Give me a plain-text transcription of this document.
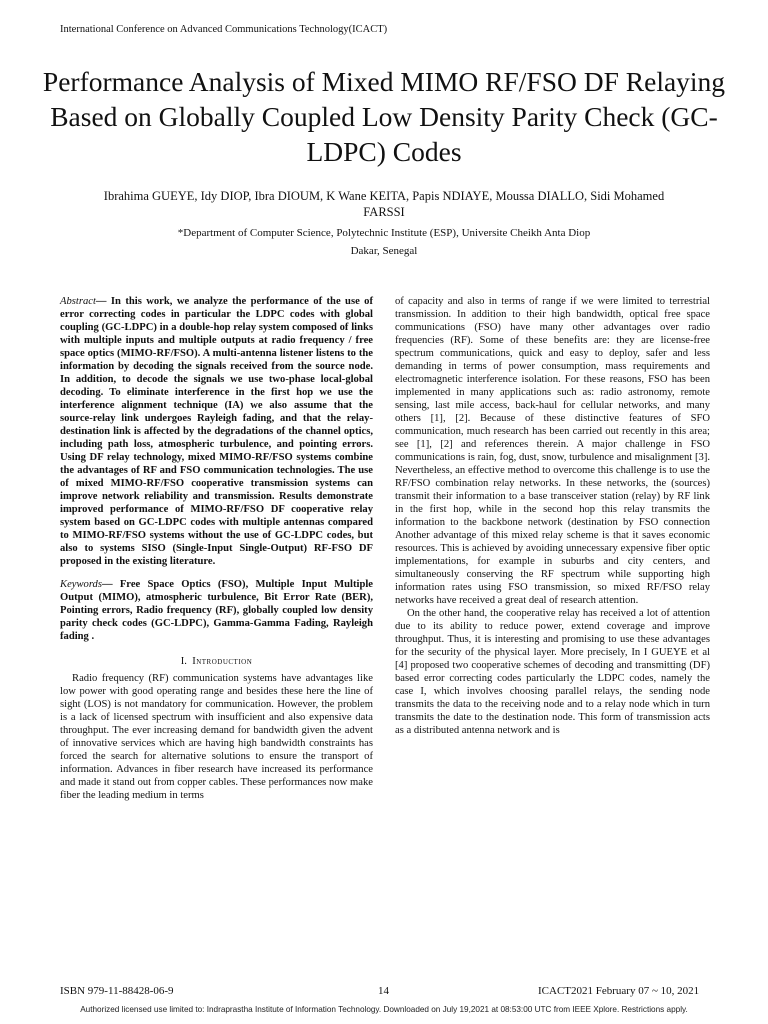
International Conference on Advanced Communications Technology(ICACT)
Performance Analysis of Mixed MIMO RF/FSO DF Relaying Based on Globally Coupled Low Density Parity Check (GC-LDPC) Codes
Ibrahima GUEYE, Idy DIOP, Ibra DIOUM, K Wane KEITA, Papis NDIAYE, Moussa DIALLO, Sidi Mohamed FARSSI
*Department of Computer Science, Polytechnic Institute (ESP), Universite Cheikh Anta Diop
Dakar, Senegal

Abstract— In this work, we analyze the performance of the use of error correcting codes in particular the LDPC codes with global coupling (GC-LDPC) in a double-hop relay system composed of links with multiple inputs and multiple outputs at radio frequency / free space optics (MIMO-RF/FSO). A multi-antenna listener listens to the information by decoding the signals received from the source node. In addition, to decode the signals we use two-phase local-global decoding. To eliminate interference in the first hop we use the interference alignment technique (IA) we also assume that the source-relay link undergoes Rayleigh fading, and that the relay-destination link is affected by the degradations of the channel optics, including path loss, atmospheric turbulence, and pointing errors. Using DF relay technology, mixed MIMO-RF/FSO systems combine the advantages of RF and FSO communication technologies. The use of mixed MIMO-RF/FSO cooperative transmission systems can improve network reliability and transmission. Results demonstrate improved performance of MIMO-RF/FSO DF cooperative relay system based on GC-LDPC codes with multiple antennas compared to MIMO-RF/FSO systems without the use of GC-LDPC codes, but also to systems SISO (Single-Input Single-Output) RF-FSO DF proposed in the existing literature.

Keywords— Free Space Optics (FSO), Multiple Input Multiple Output (MIMO), atmospheric turbulence, Bit Error Rate (BER), Pointing errors, Radio frequency (RF), globally coupled low density parity check codes (GC-LDPC), Gamma-Gamma Fading, Rayleigh fading .

I. Introduction

Radio frequency (RF) communication systems have advantages like low power with good operating range and besides these here the line of sight (LOS) is not mandatory for communication. However, the problem is a lack of licensed spectrum with insufficient and also expensive data throughput. The ever increasing demand for bandwidth given the advent of innovative services which are having high bandwidth constraints has forced the search for alternative solutions to ensure the transport of information. Advances in fiber research have increased its performance and made it stand out from copper cables. These performances now make fiber the leading medium in terms

of capacity and also in terms of range if we were limited to terrestrial transmission. In addition to their high bandwidth, optical free space communications (FSO) have many other advantages over radio frequencies (RF). Some of these benefits are: they are license-free spectrum communications, quick and easy to deploy, safer and less demanding in terms of power consumption, mass requirements and electromagnetic interference isolation. For these reasons, FSO has been implemented in many applications such as: radio astronomy, remote sensing, last mile access, back-haul for cellular networks, and many others [1], [2]. Because of these distinctive features of SFO communication, much research has been carried out recently in this area; see [1], [2] and references therein. A major challenge in FSO communications is rain, fog, dust, snow, turbulence and misalignment [3]. Nevertheless, an effective method to overcome this challenge is to use the RF/FSO combination relay networks. In these networks, the (sources) transmit their information to a base transceiver station (relay) by RF link in the first hop, while in the second hop this relay transmits the information to the backbone network (destination by FSO connection Another advantage of this mixed relay scheme is that it saves economic resources. This is achieved by avoiding unnecessary expensive fiber optic implementations, for example in suburbs and city centers, and simultaneously conserving the RF spectrum while supporting high information rates using FSO transmission, so mixed RF/FSO relay networks have received a great deal of research attention.

On the other hand, the cooperative relay has received a lot of attention due to its ability to reduce power, extend coverage and improve throughput. Thus, it is interesting and promising to use these advantages for the security of the physical layer. More precisely, In I GUEYE et al [4] proposed two cooperative schemes of decoding and transmitting (DF) based error correcting codes particularly the LDPC codes, namely the case I, which involves choosing parallel relays, the sending node transmits the data to the receiving node and to a relay node which in turn transmits the date to the destination node. This form of transmission acts as a distributed antenna network and is

ISBN 979-11-88428-06-9	14	ICACT2021 February 07 ~ 10, 2021
Authorized licensed use limited to: Indraprastha Institute of Information Technology. Downloaded on July 19,2021 at 08:53:00 UTC from IEEE Xplore. Restrictions apply.
